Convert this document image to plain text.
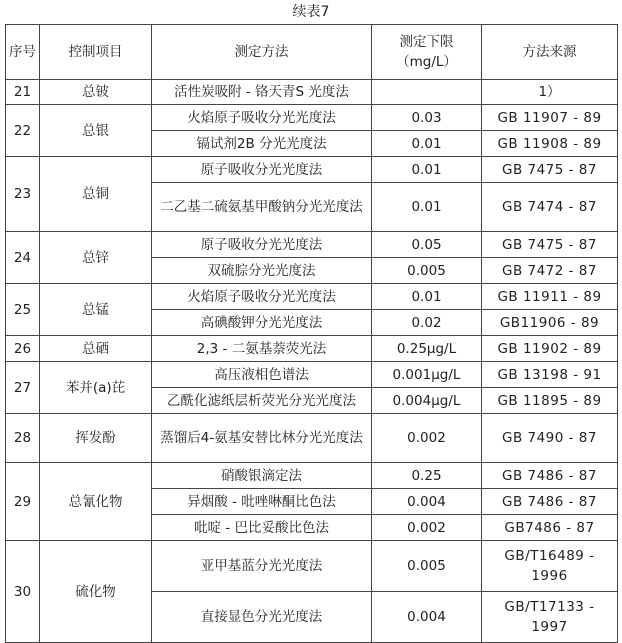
续表7
序号	控制项目	测定方法	测定下限（mg/L）	方法来源
21	总铍	活性炭吸附 - 铬天青S 光度法		1）
22	总银	火焰原子吸收分光光度法	0.03	GB 11907 - 89
		镉试剂2B 分光光度法	0.01	GB 11908 - 89
23	总铜	原子吸收分光光度法	0.01	GB 7475 - 87
		二乙基二硫氨基甲酸钠分光光度法	0.01	GB 7474 - 87
24	总锌	原子吸收分光光度法	0.05	GB 7475 - 87
		双硫腙分光光度法	0.005	GB 7472 - 87
25	总锰	火焰原子吸收分光光度法	0.01	GB 11911 - 89
		高碘酸钾分光光度法	0.02	GB11906 - 89
26	总硒	2,3 - 二氨基萘荧光法	0.25μg/L	GB 11902 - 89
27	苯并(a)芘	高压液相色谱法	0.001μg/L	GB 13198 - 91
		乙酰化滤纸层析荧光分光光度法	0.004μg/L	GB 11895 - 89
28	挥发酚	蒸馏后4-氨基安替比林分光光度法	0.002	GB 7490 - 87
29	总氰化物	硝酸银滴定法	0.25	GB 7486 - 87
		异烟酸 - 吡唑啉酮比色法	0.004	GB 7486 - 87
		吡啶 - 巴比妥酸比色法	0.002	GB7486 - 87
30	硫化物	亚甲基蓝分光光度法	0.005	GB/T16489 - 1996
		直接显色分光光度法	0.004	GB/T17133 - 1997
